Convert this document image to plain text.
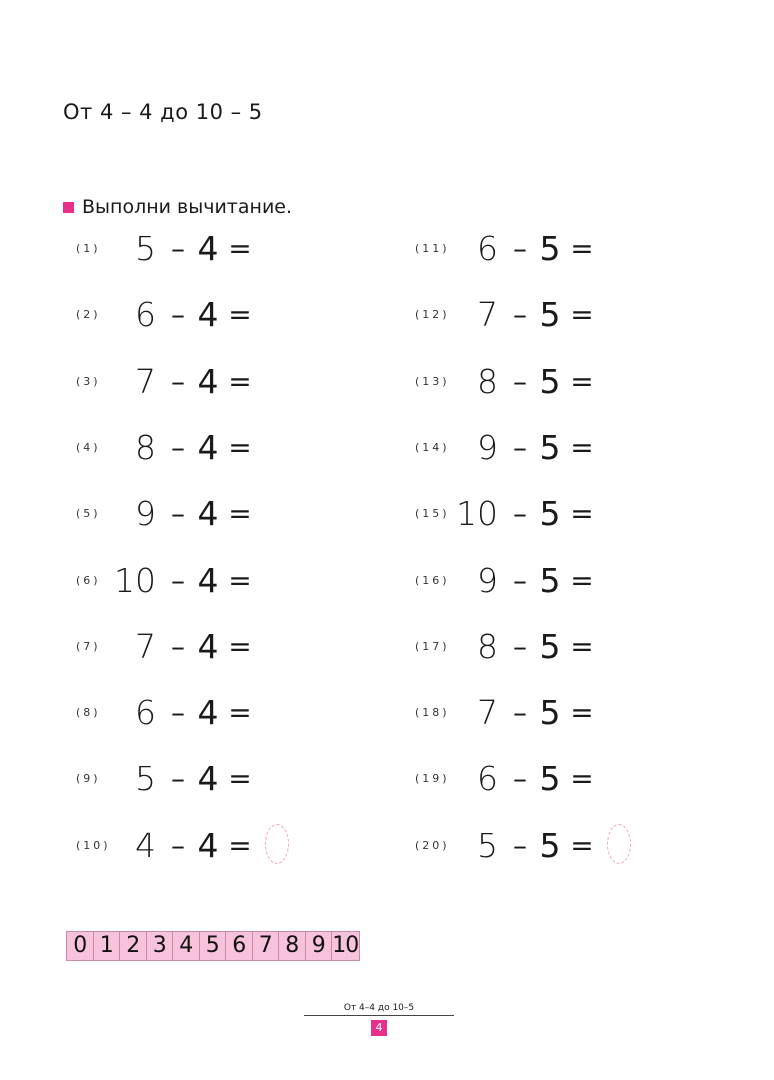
От 4 – 4 до 10 – 5
Выполни вычитание.
(1)	5 – 4 =
(2)	6 – 4 =
(3)	7 – 4 =
(4)	8 – 4 =
(5)	9 – 4 =
(6) 10 – 4 =
(7)	7 – 4 =
(8)	6 – 4 =
(9)	5 – 4 =
(10) 4 – 4 =
(11) 6 – 5 =
(12) 7 – 5 =
(13) 8 – 5 =
(14) 9 – 5 =
(15) 10 – 5 =
(16) 9 – 5 =
(17) 8 – 5 =
(18) 7 – 5 =
(19) 6 – 5 =
(20) 5 – 5 =
0 1 2 3 4 5 6 7 8 9 10
От 4–4 до 10–5
4
